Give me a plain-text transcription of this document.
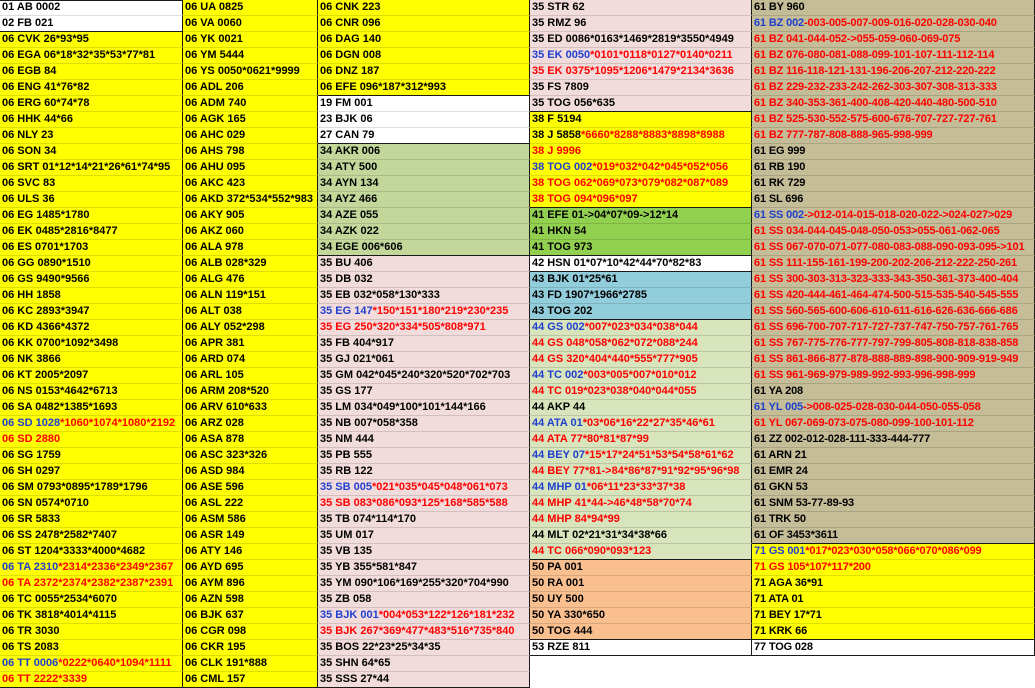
01 AB 0002
02 FB 021
06 CVK 26*93*95
06 EGA 06*18*32*35*53*77*81
06 EGB 84
06 ENG 41*76*82
06 ERG 60*74*78
06 HHK 44*66
06 NLY 23
06 SON 34
06 SRT 01*12*14*21*26*61*74*95
06 SVC 83
06 ULS 36
06 EG 1485*1780
06 EK 0485*2816*8477
06 ES 0701*1703
06 GG 0890*1510
06 GS 9490*9566
06 HH 1858
06 KC 2893*3947
06 KD 4366*4372
06 KK 0700*1092*3498
06 NK 3866
06 KT 2005*2097
06 NS 0153*4642*6713
06 SA 0482*1385*1693
06 SD 1028*1060*1074*1080*2192
06 SD 2880
06 SG 1759
06 SH 0297
06 SM 0793*0895*1789*1796
06 SN 0574*0710
06 SR 5833
06 SS 2478*2582*7407
06 ST 1204*3333*4000*4682
06 TA 2310*2314*2336*2349*2367
06 TA 2372*2374*2382*2387*2391
06 TC 0055*2534*6070
06 TK 3818*4014*4115
06 TR 3030
06 TS 2083
06 TT 0006*0222*0640*1094*1111
06 TT 2222*3339
06 UA 0825
06 VA 0060
06 YK 0021
06 YM 5444
06 YS 0050*0621*9999
06 ADL 206
06 ADM 740
06 AGK 165
06 AHC 029
06 AHS 798
06 AHU 095
06 AKC 423
06 AKD 372*534*552*983
06 AKY 905
06 AKZ 060
06 ALA 978
06 ALB 028*329
06 ALG 476
06 ALN 119*151
06 ALT 038
06 ALY 052*298
06 APR 381
06 ARD 074
06 ARL 105
06 ARM 208*520
06 ARV 610*633
06 ARZ 028
06 ASA 878
06 ASC 323*326
06 ASD 984
06 ASE 596
06 ASL 222
06 ASM 586
06 ASR 149
06 ATY 146
06 AYD 695
06 AYM 896
06 AZN 598
06 BJK 637
06 CGR 098
06 CKR 195
06 CLK 191*888
06 CML 157
06 CNK 223
06 CNR 096
06 DAG 140
06 DGN 008
06 DNZ 187
06 EFE 096*187*312*993
19 FM 001
23 BJK 06
27 CAN 79
34 AKR 006
34 ATY 500
34 AYN 134
34 AYZ 466
34 AZE 055
34 AZK 022
34 EGE 006*606
35 BU 406
35 DB 032
35 EB 032*058*130*333
35 EG 147*150*151*180*219*230*235
35 EG 250*320*334*505*808*971
35 FB 404*917
35 GJ 021*061
35 GM 042*045*240*320*520*702*703
35 GS 177
35 LM 034*049*100*101*144*166
35 NB 007*058*358
35 NM 444
35 PB 555
35 RB 122
35 SB 005*021*035*045*048*061*073
35 SB 083*086*093*125*168*585*588
35 TB 074*114*170
35 UM 017
35 VB 135
35 YB 355*581*847
35 YM 090*106*169*255*320*704*990
35 ZB 058
35 BJK 001*004*053*122*126*181*232
35 BJK 267*369*477*483*516*735*840
35 BOS 22*23*25*34*35
35 SHN 64*65
35 SSS 27*44
35 STR 62
35 RMZ 96
35 ED 0086*0163*1469*2819*3550*4949
35 EK 0050*0101*0118*0127*0140*0211
35 EK 0375*1095*1206*1479*2134*3636
35 FS 7809
35 TOG 056*635
38 F 5194
38 J 5858*6660*8288*8883*8898*8988
38 J 9996
38 TOG 002*019*032*042*045*052*056
38 TOG 062*069*073*079*082*087*089
38 TOG 094*096*097
41 EFE 01->04*07*09->12*14
41 HKN 54
41 TOG 973
42 HSN 01*07*10*42*44*70*82*83
43 BJK 01*25*61
43 FD 1907*1966*2785
43 TOG 202
44 GS 002*007*023*034*038*044
44 GS 048*058*062*072*088*244
44 GS 320*404*440*555*777*905
44 TC 002*003*005*007*010*012
44 TC 019*023*038*040*044*055
44 AKP 44
44 ATA 01*03*06*16*22*27*35*46*61
44 ATA 77*80*81*87*99
44 BEY 07*15*17*24*51*53*54*58*61*62
44 BEY 77*81->84*86*87*91*92*95*96*98
44 MHP 01*06*11*23*33*37*38
44 MHP 41*44->46*48*58*70*74
44 MHP 84*94*99
44 MLT 02*21*31*34*38*66
44 TC 066*090*093*123
50 PA 001
50 RA 001
50 UY 500
50 YA 330*650
50 TOG 444
53 RZE 811
61 BY 960
61 BZ 002-003-005-007-009-016-020-028-030-040
61 BZ 041-044-052->055-059-060-069-075
61 BZ 076-080-081-088-099-101-107-111-112-114
61 BZ 116-118-121-131-196-206-207-212-220-222
61 BZ 229-232-233-242-262-303-307-308-313-333
61 BZ 340-353-361-400-408-420-440-480-500-510
61 BZ 525-530-552-575-600-676-707-727-727-761
61 BZ 777-787-808-888-965-998-999
61 EG 999
61 RB 190
61 RK 729
61 SL 696
61 SS 002->012-014-015-018-020-022->024-027>029
61 SS 034-044-045-048-050-053>055-061-062-065
61 SS 067-070-071-077-080-083-088-090-093-095->101
61 SS 111-155-161-199-200-202-206-212-222-250-261
61 SS 300-303-313-323-333-343-350-361-373-400-404
61 SS 420-444-461-464-474-500-515-535-540-545-555
61 SS 560-565-600-606-610-611-616-626-636-666-686
61 SS 696-700-707-717-727-737-747-750-757-761-765
61 SS 767-775-776-777-797-799-805-808-818-838-858
61 SS 861-866-877-878-888-889-898-900-909-919-949
61 SS 961-969-979-989-992-993-996-998-999
61 YA 208
61 YL 005->008-025-028-030-044-050-055-058
61 YL 067-069-073-075-080-099-100-101-112
61 ZZ 002-012-028-111-333-444-777
61 ARN 21
61 EMR 24
61 GKN 53
61 SNM 53-77-89-93
61 TRK 50
61 OF 3453*3611
71 GS 001*017*023*030*058*066*070*086*099
71 GS 105*107*117*200
71 AGA 36*91
71 ATA 01
71 BEY 17*71
71 KRK 66
77 TOG 028
